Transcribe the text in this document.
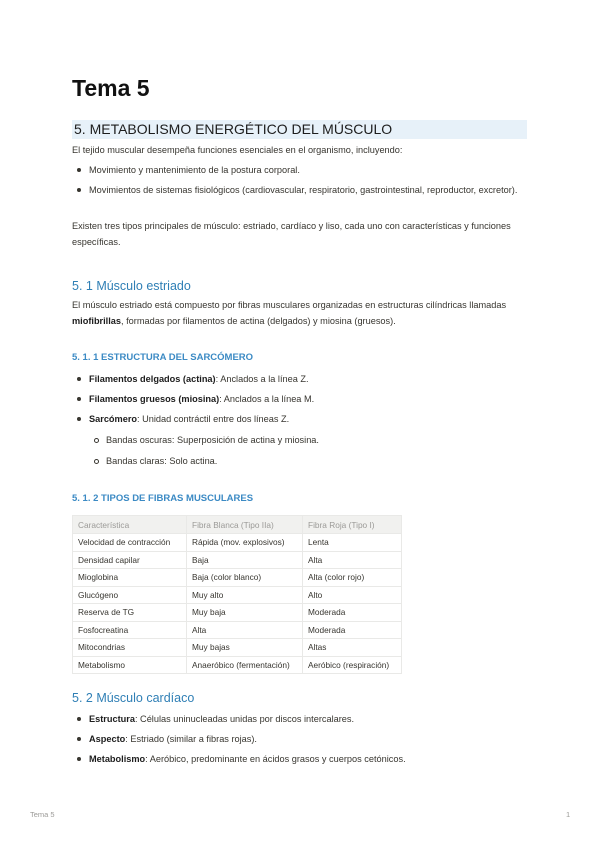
Tema 5
5. METABOLISMO ENERGÉTICO DEL MÚSCULO

El tejido muscular desempeña funciones esenciales en el organismo, incluyendo:

Movimiento y mantenimiento de la postura corporal.
Movimientos de sistemas fisiológicos (cardiovascular, respiratorio, gastrointestinal, reproductor, excretor).

Existen tres tipos principales de músculo: estriado, cardíaco y liso, cada uno con características y funciones específicas.

5. 1 Músculo estriado

El músculo estriado está compuesto por fibras musculares organizadas en estructuras cilíndricas llamadas miofibrillas, formadas por filamentos de actina (delgados) y miosina (gruesos).

5. 1. 1 ESTRUCTURA DEL SARCÓMERO
Filamentos delgados (actina): Anclados a la línea Z.
Filamentos gruesos (miosina): Anclados a la línea M.
Sarcómero: Unidad contráctil entre dos líneas Z.
Bandas oscuras: Superposición de actina y miosina.
Bandas claras: Solo actina.
5. 1. 2 TIPOS DE FIBRAS MUSCULARES
Característica	Fibra Blanca (Tipo IIa)	Fibra Roja (Tipo I)
Velocidad de contracción	Rápida (mov. explosivos)	Lenta
Densidad capilar	Baja	Alta
Mioglobina	Baja (color blanco)	Alta (color rojo)
Glucógeno	Muy alto	Alto
Reserva de TG	Muy baja	Moderada
Fosfocreatina	Alta	Moderada
Mitocondrias	Muy bajas	Altas
Metabolismo	Anaeróbico (fermentación)	Aeróbico (respiración)
5. 2 Músculo cardíaco
Estructura: Células uninucleadas unidas por discos intercalares.
Aspecto: Estriado (similar a fibras rojas).
Metabolismo: Aeróbico, predominante en ácidos grasos y cuerpos cetónicos.
Tema 5	1
